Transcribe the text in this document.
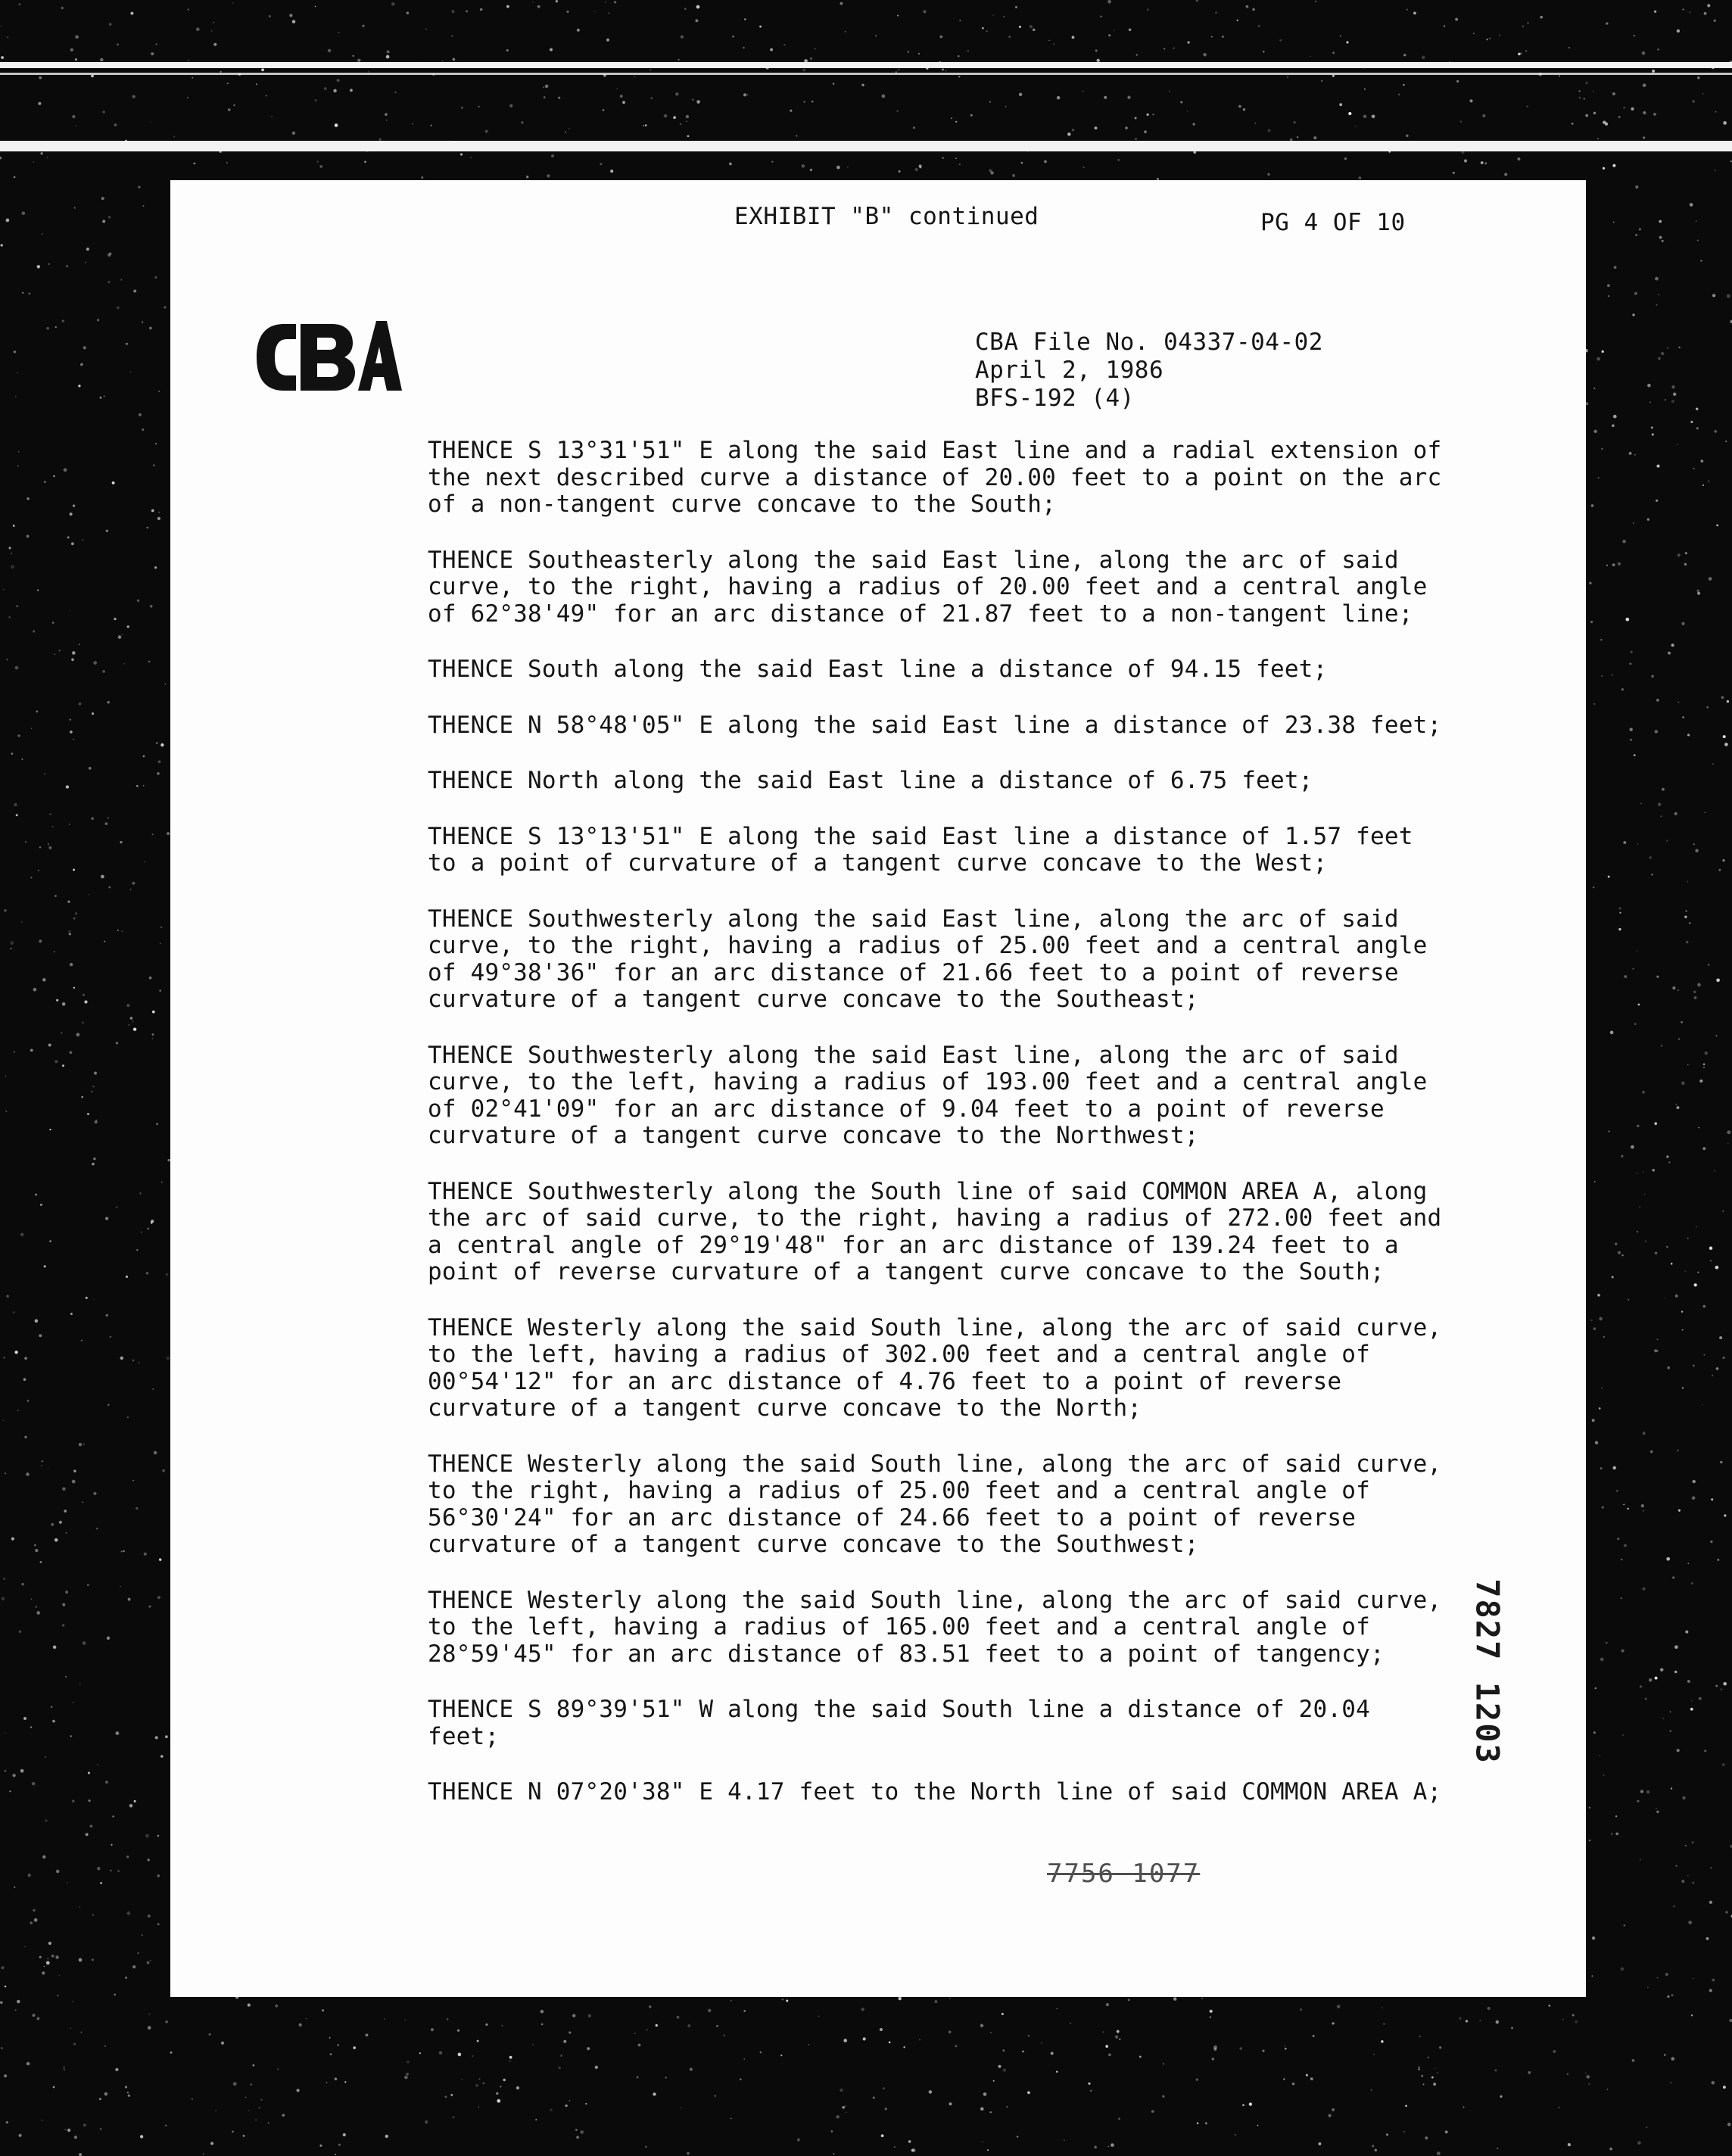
EXHIBIT "B" continued	PG 4 OF 10
CBA
CBA File No. 04337-04-02
April 2, 1986
BFS-192 (4)
THENCE S 13°31'51" E along the said East line and a radial extension of
the next described curve a distance of 20.00 feet to a point on the arc
of a non-tangent curve concave to the South;
THENCE Southeasterly along the said East line, along the arc of said
curve, to the right, having a radius of 20.00 feet and a central angle
of 62°38'49" for an arc distance of 21.87 feet to a non-tangent line;
THENCE South along the said East line a distance of 94.15 feet;
THENCE N 58°48'05" E along the said East line a distance of 23.38 feet;
THENCE North along the said East line a distance of 6.75 feet;
THENCE S 13°13'51" E along the said East line a distance of 1.57 feet
to a point of curvature of a tangent curve concave to the West;
THENCE Southwesterly along the said East line, along the arc of said
curve, to the right, having a radius of 25.00 feet and a central angle
of 49°38'36" for an arc distance of 21.66 feet to a point of reverse
curvature of a tangent curve concave to the Southeast;
THENCE Southwesterly along the said East line, along the arc of said
curve, to the left, having a radius of 193.00 feet and a central angle
of 02°41'09" for an arc distance of 9.04 feet to a point of reverse
curvature of a tangent curve concave to the Northwest;
THENCE Southwesterly along the South line of said COMMON AREA A, along
the arc of said curve, to the right, having a radius of 272.00 feet and
a central angle of 29°19'48" for an arc distance of 139.24 feet to a
point of reverse curvature of a tangent curve concave to the South;
THENCE Westerly along the said South line, along the arc of said curve,
to the left, having a radius of 302.00 feet and a central angle of
00°54'12" for an arc distance of 4.76 feet to a point of reverse
curvature of a tangent curve concave to the North;
THENCE Westerly along the said South line, along the arc of said curve,
to the right, having a radius of 25.00 feet and a central angle of
56°30'24" for an arc distance of 24.66 feet to a point of reverse
curvature of a tangent curve concave to the Southwest;
THENCE Westerly along the said South line, along the arc of said curve,
to the left, having a radius of 165.00 feet and a central angle of
28°59'45" for an arc distance of 83.51 feet to a point of tangency;
THENCE S 89°39'51" W along the said South line a distance of 20.04
feet;
THENCE N 07°20'38" E 4.17 feet to the North line of said COMMON AREA A;
7827 1203
7756 1077
